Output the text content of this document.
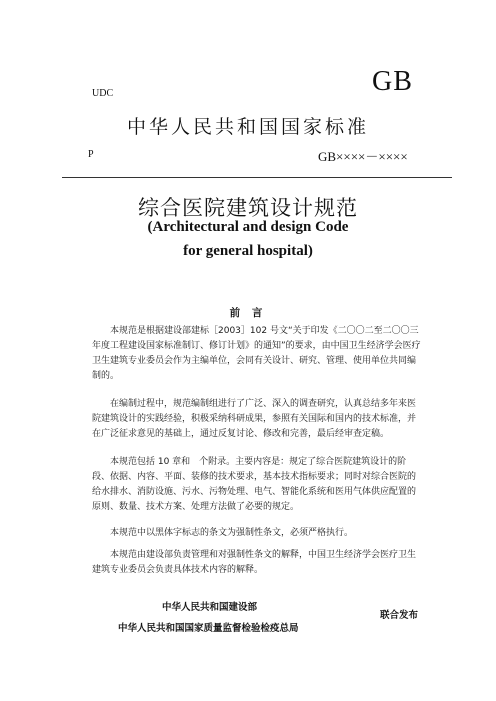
UDC	GB
中华人民共和国国家标准
P	GB××××－××××
综合医院建筑设计规范
(Architectural and design Code
for general hospital)
前 言

本规范是根据建设部建标［2003］102 号文“关于印发《二〇〇二至二〇〇三年度工程建设国家标准制订、修订计划》的通知”的要求，由中国卫生经济学会医疗卫生建筑专业委员会作为主编单位，会同有关设计、研究、管理、使用单位共同编制的。

在编制过程中，规范编制组进行了广泛、深入的调查研究，认真总结多年来医院建筑设计的实践经验，积极采纳科研成果，参照有关国际和国内的技术标准，并在广泛征求意见的基础上，通过反复讨论、修改和完善，最后经审查定稿。

本规范包括 10 章和　个附录。主要内容是：规定了综合医院建筑设计的阶段、依据、内容、平面、装修的技术要求，基本技术指标要求；同时对综合医院的给水排水、消防设施、污水、污物处理、电气、智能化系统和医用气体供应配置的原则、数量、技术方案、处理方法做了必要的规定。

本规范中以黑体字标志的条文为强制性条文，必须严格执行。

本规范由建设部负责管理和对强制性条文的解释，中国卫生经济学会医疗卫生建筑专业委员会负责具体技术内容的解释。

中华人民共和国建设部
中华人民共和国国家质量监督检验检疫总局
联合发布
